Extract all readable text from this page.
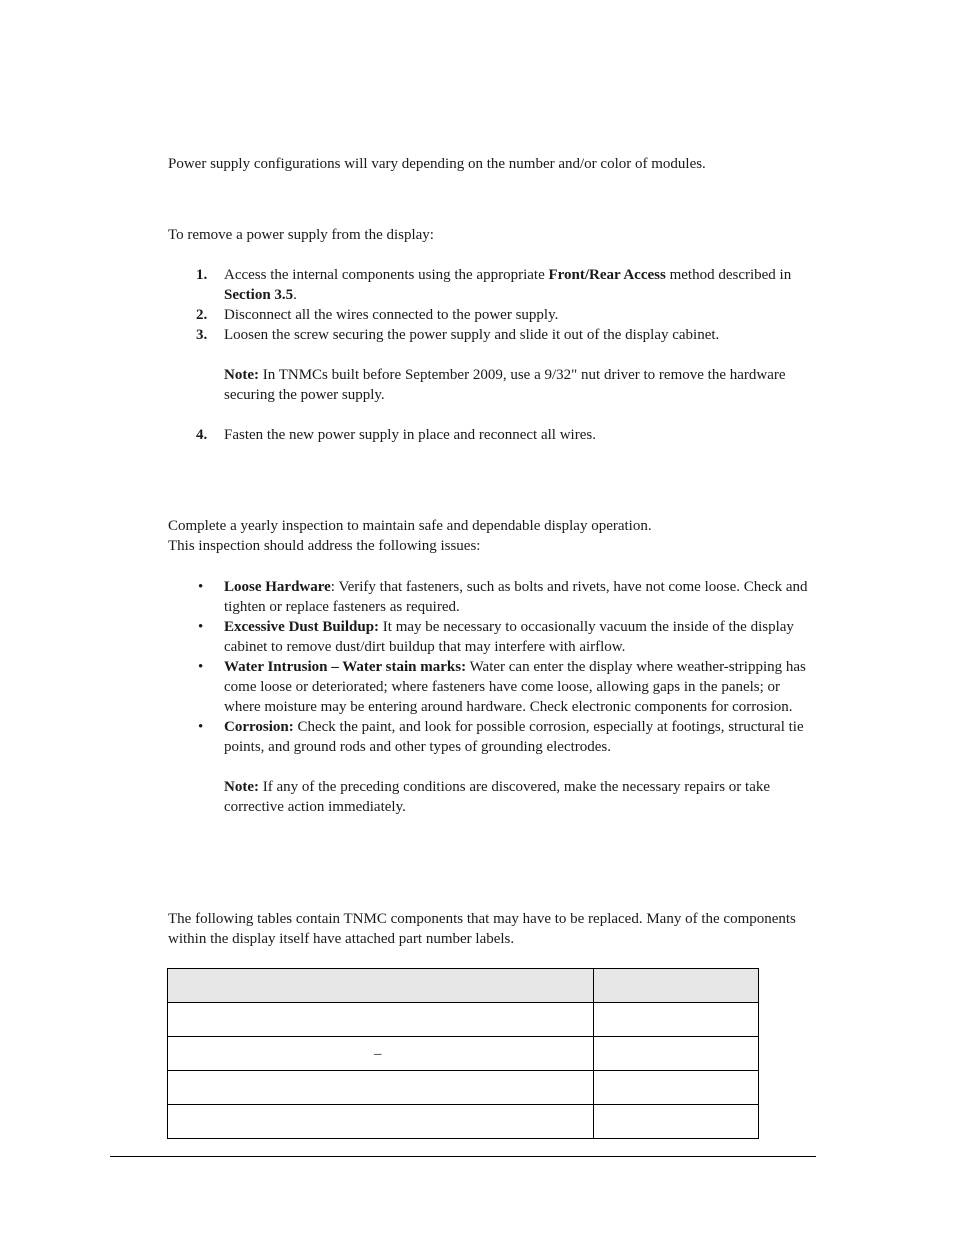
Power supply configurations will vary depending on the number and/or color of modules.

To remove a power supply from the display:

1. Access the internal components using the appropriate Front/Rear Access method described in Section 3.5.
2. Disconnect all the wires connected to the power supply.
3. Loosen the screw securing the power supply and slide it out of the display cabinet.
Note: In TNMCs built before September 2009, use a 9/32" nut driver to remove the hardware securing the power supply.
4. Fasten the new power supply in place and reconnect all wires.

Complete a yearly inspection to maintain safe and dependable display operation.
This inspection should address the following issues:

• Loose Hardware: Verify that fasteners, such as bolts and rivets, have not come loose. Check and tighten or replace fasteners as required.
• Excessive Dust Buildup: It may be necessary to occasionally vacuum the inside of the display cabinet to remove dust/dirt buildup that may interfere with airflow.
• Water Intrusion – Water stain marks: Water can enter the display where weather-stripping has come loose or deteriorated; where fasteners have come loose, allowing gaps in the panels; or where moisture may be entering around hardware. Check electronic components for corrosion.
• Corrosion: Check the paint, and look for possible corrosion, especially at footings, structural tie points, and ground rods and other types of grounding electrodes.
Note: If any of the preceding conditions are discovered, make the necessary repairs or take corrective action immediately.

The following tables contain TNMC components that may have to be replaced. Many of the components within the display itself have attached part number labels.

–	
